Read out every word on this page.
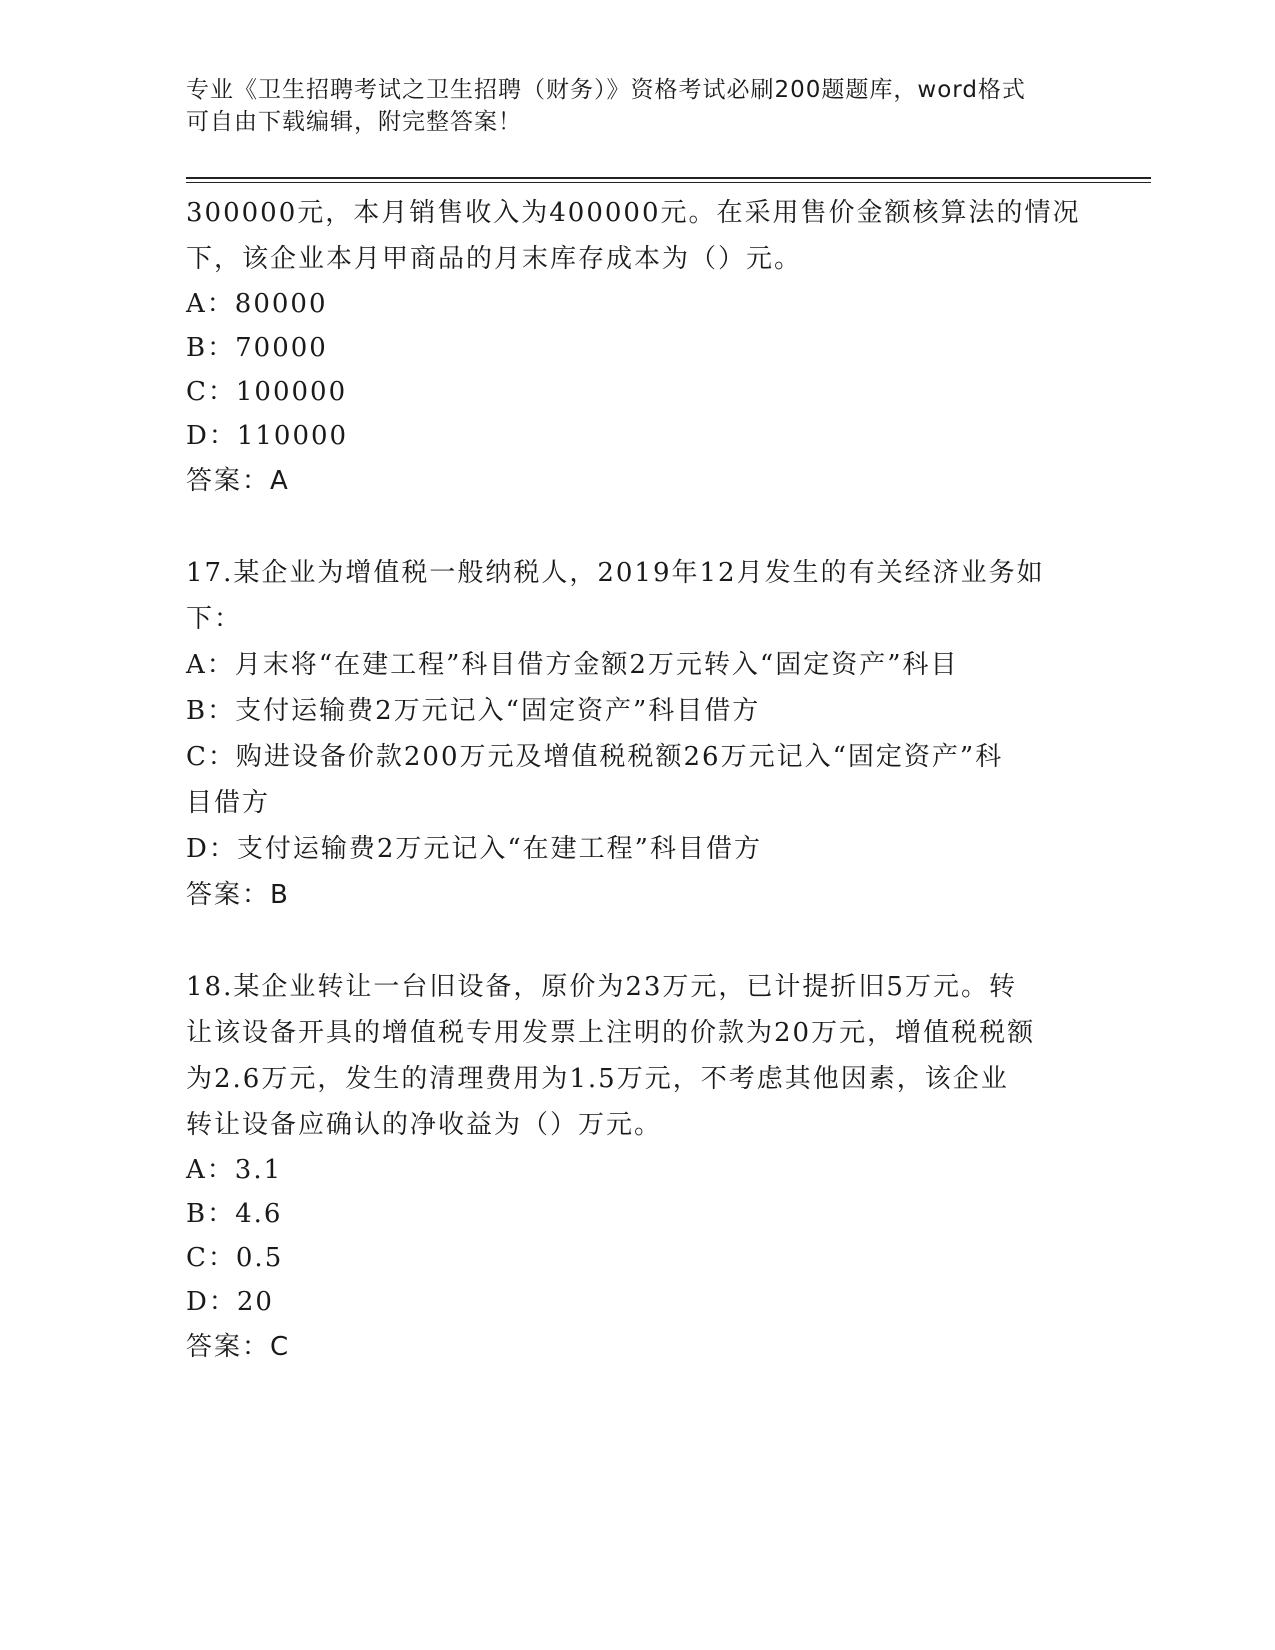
专业《卫生招聘考试之卫生招聘（财务）》资格考试必刷200题题库，word格式
可自由下载编辑，附完整答案！
300000元，本月销售收入为400000元。在采用售价金额核算法的情况
下，该企业本月甲商品的月末库存成本为（）元。
A：80000
B：70000
C：100000
D：110000
答案：A
17.某企业为增值税一般纳税人，2019年12月发生的有关经济业务如
下：
A：月末将“在建工程”科目借方金额2万元转入“固定资产”科目
B：支付运输费2万元记入“固定资产”科目借方
C：购进设备价款200万元及增值税税额26万元记入“固定资产”科
目借方
D：支付运输费2万元记入“在建工程”科目借方
答案：B
18.某企业转让一台旧设备，原价为23万元，已计提折旧5万元。转
让该设备开具的增值税专用发票上注明的价款为20万元，增值税税额
为2.6万元，发生的清理费用为1.5万元，不考虑其他因素，该企业
转让设备应确认的净收益为（）万元。
A：3.1
B：4.6
C：0.5
D：20
答案：C
